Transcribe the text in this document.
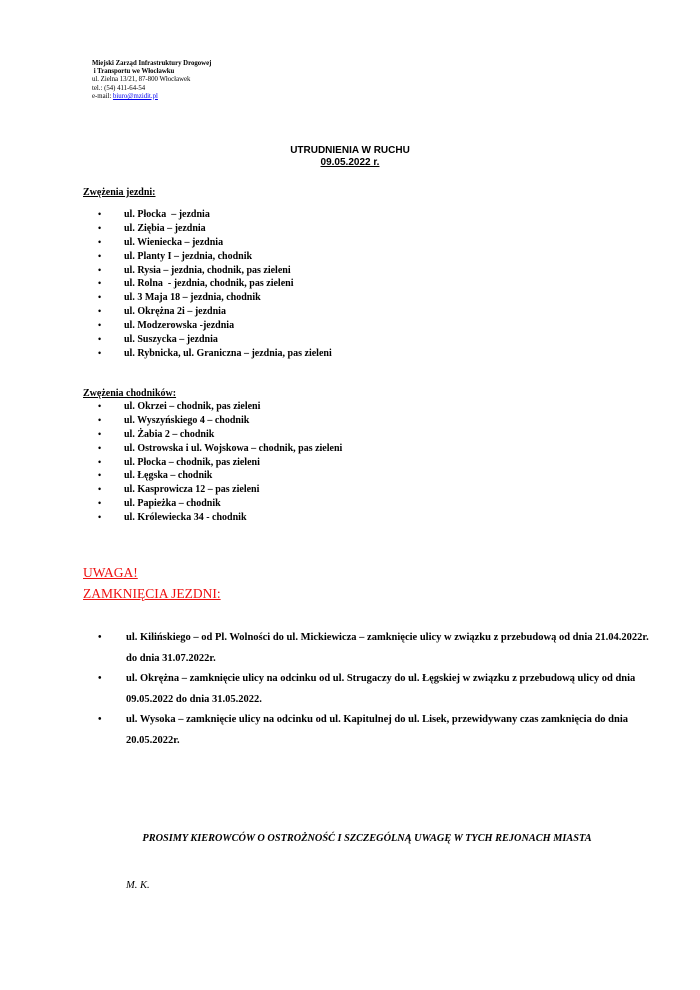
Miejski Zarząd Infrastruktury Drogowej
i Transportu we Włocławku
ul. Zielna 13/21, 87-800 Włocławek
tel.: (54) 411-64-54
e-mail: biuro@mzidit.pl
UTRUDNIENIA W RUCHU
09.05.2022 r.
Zwężenia jezdni:
• ul. Płocka  – jezdnia
• ul. Ziębia – jezdnia
• ul. Wieniecka – jezdnia
• ul. Planty I – jezdnia, chodnik
• ul. Rysia – jezdnia, chodnik, pas zieleni
• ul. Rolna  - jezdnia, chodnik, pas zieleni
• ul. 3 Maja 18 – jezdnia, chodnik
• ul. Okrężna 2i – jezdnia
• ul. Modzerowska -jezdnia
• ul. Suszycka – jezdnia
• ul. Rybnicka, ul. Graniczna – jezdnia, pas zieleni
Zwężenia chodników:
• ul. Okrzei – chodnik, pas zieleni
• ul. Wyszyńskiego 4 – chodnik
• ul. Żabia 2 – chodnik
• ul. Ostrowska i ul. Wojskowa – chodnik, pas zieleni
• ul. Płocka – chodnik, pas zieleni
• ul. Łęgska – chodnik
• ul. Kasprowicza 12 – pas zieleni
• ul. Papieżka – chodnik
• ul. Królewiecka 34 - chodnik
UWAGA!
ZAMKNIĘCIA JEZDNI:
• ul. Kilińskiego – od Pl. Wolności do ul. Mickiewicza – zamknięcie ulicy w związku z przebudową od dnia 21.04.2022r. do dnia 31.07.2022r.
• ul. Okrężna – zamknięcie ulicy na odcinku od ul. Strugaczy do ul. Łęgskiej w związku z przebudową ulicy od dnia 09.05.2022 do dnia 31.05.2022.
• ul. Wysoka – zamknięcie ulicy na odcinku od ul. Kapitulnej do ul. Lisek, przewidywany czas zamknięcia do dnia 20.05.2022r.
PROSIMY KIEROWCÓW O OSTROŻNOŚĆ I SZCZEGÓLNĄ UWAGĘ W TYCH REJONACH MIASTA
M. K.
